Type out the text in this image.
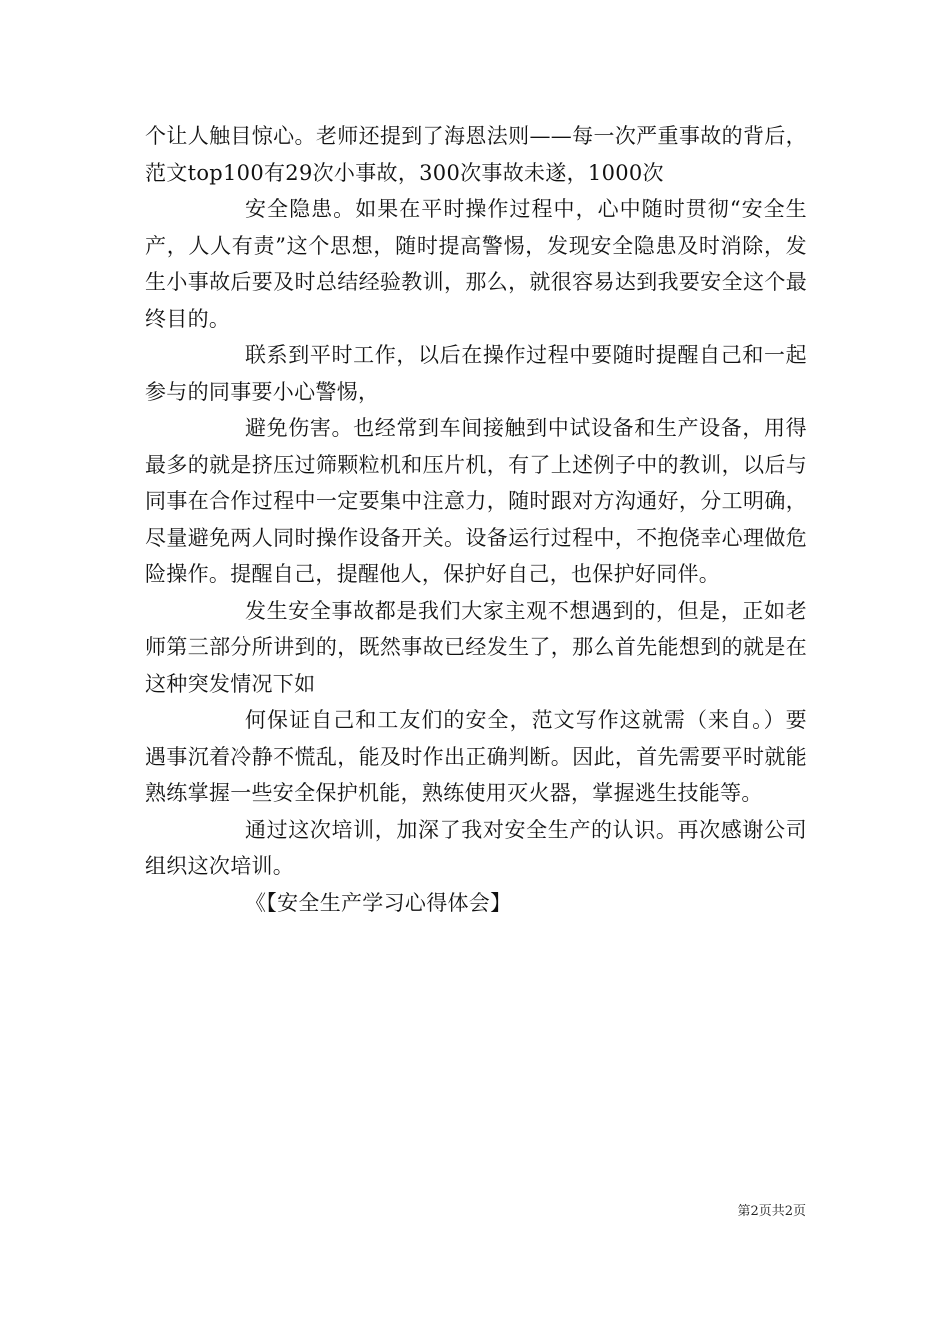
个让人触目惊心。老师还提到了海恩法则——每一次严重事故的背后，范文top100有29次小事故，300次事故未遂，1000次

安全隐患。如果在平时操作过程中，心中随时贯彻“安全生产，人人有责”这个思想，随时提高警惕，发现安全隐患及时消除，发生小事故后要及时总结经验教训，那么，就很容易达到我要安全这个最终目的。

联系到平时工作，以后在操作过程中要随时提醒自己和一起参与的同事要小心警惕，

避免伤害。也经常到车间接触到中试设备和生产设备，用得最多的就是挤压过筛颗粒机和压片机，有了上述例子中的教训，以后与同事在合作过程中一定要集中注意力，随时跟对方沟通好，分工明确，尽量避免两人同时操作设备开关。设备运行过程中，不抱侥幸心理做危险操作。提醒自己，提醒他人，保护好自己，也保护好同伴。

发生安全事故都是我们大家主观不想遇到的，但是，正如老师第三部分所讲到的，既然事故已经发生了，那么首先能想到的就是在这种突发情况下如

何保证自己和工友们的安全，范文写作这就需（来自。）要遇事沉着冷静不慌乱，能及时作出正确判断。因此，首先需要平时就能熟练掌握一些安全保护机能，熟练使用灭火器，掌握逃生技能等。

通过这次培训，加深了我对安全生产的认识。再次感谢公司组织这次培训。

《【安全生产学习心得体会】

第2页共2页
